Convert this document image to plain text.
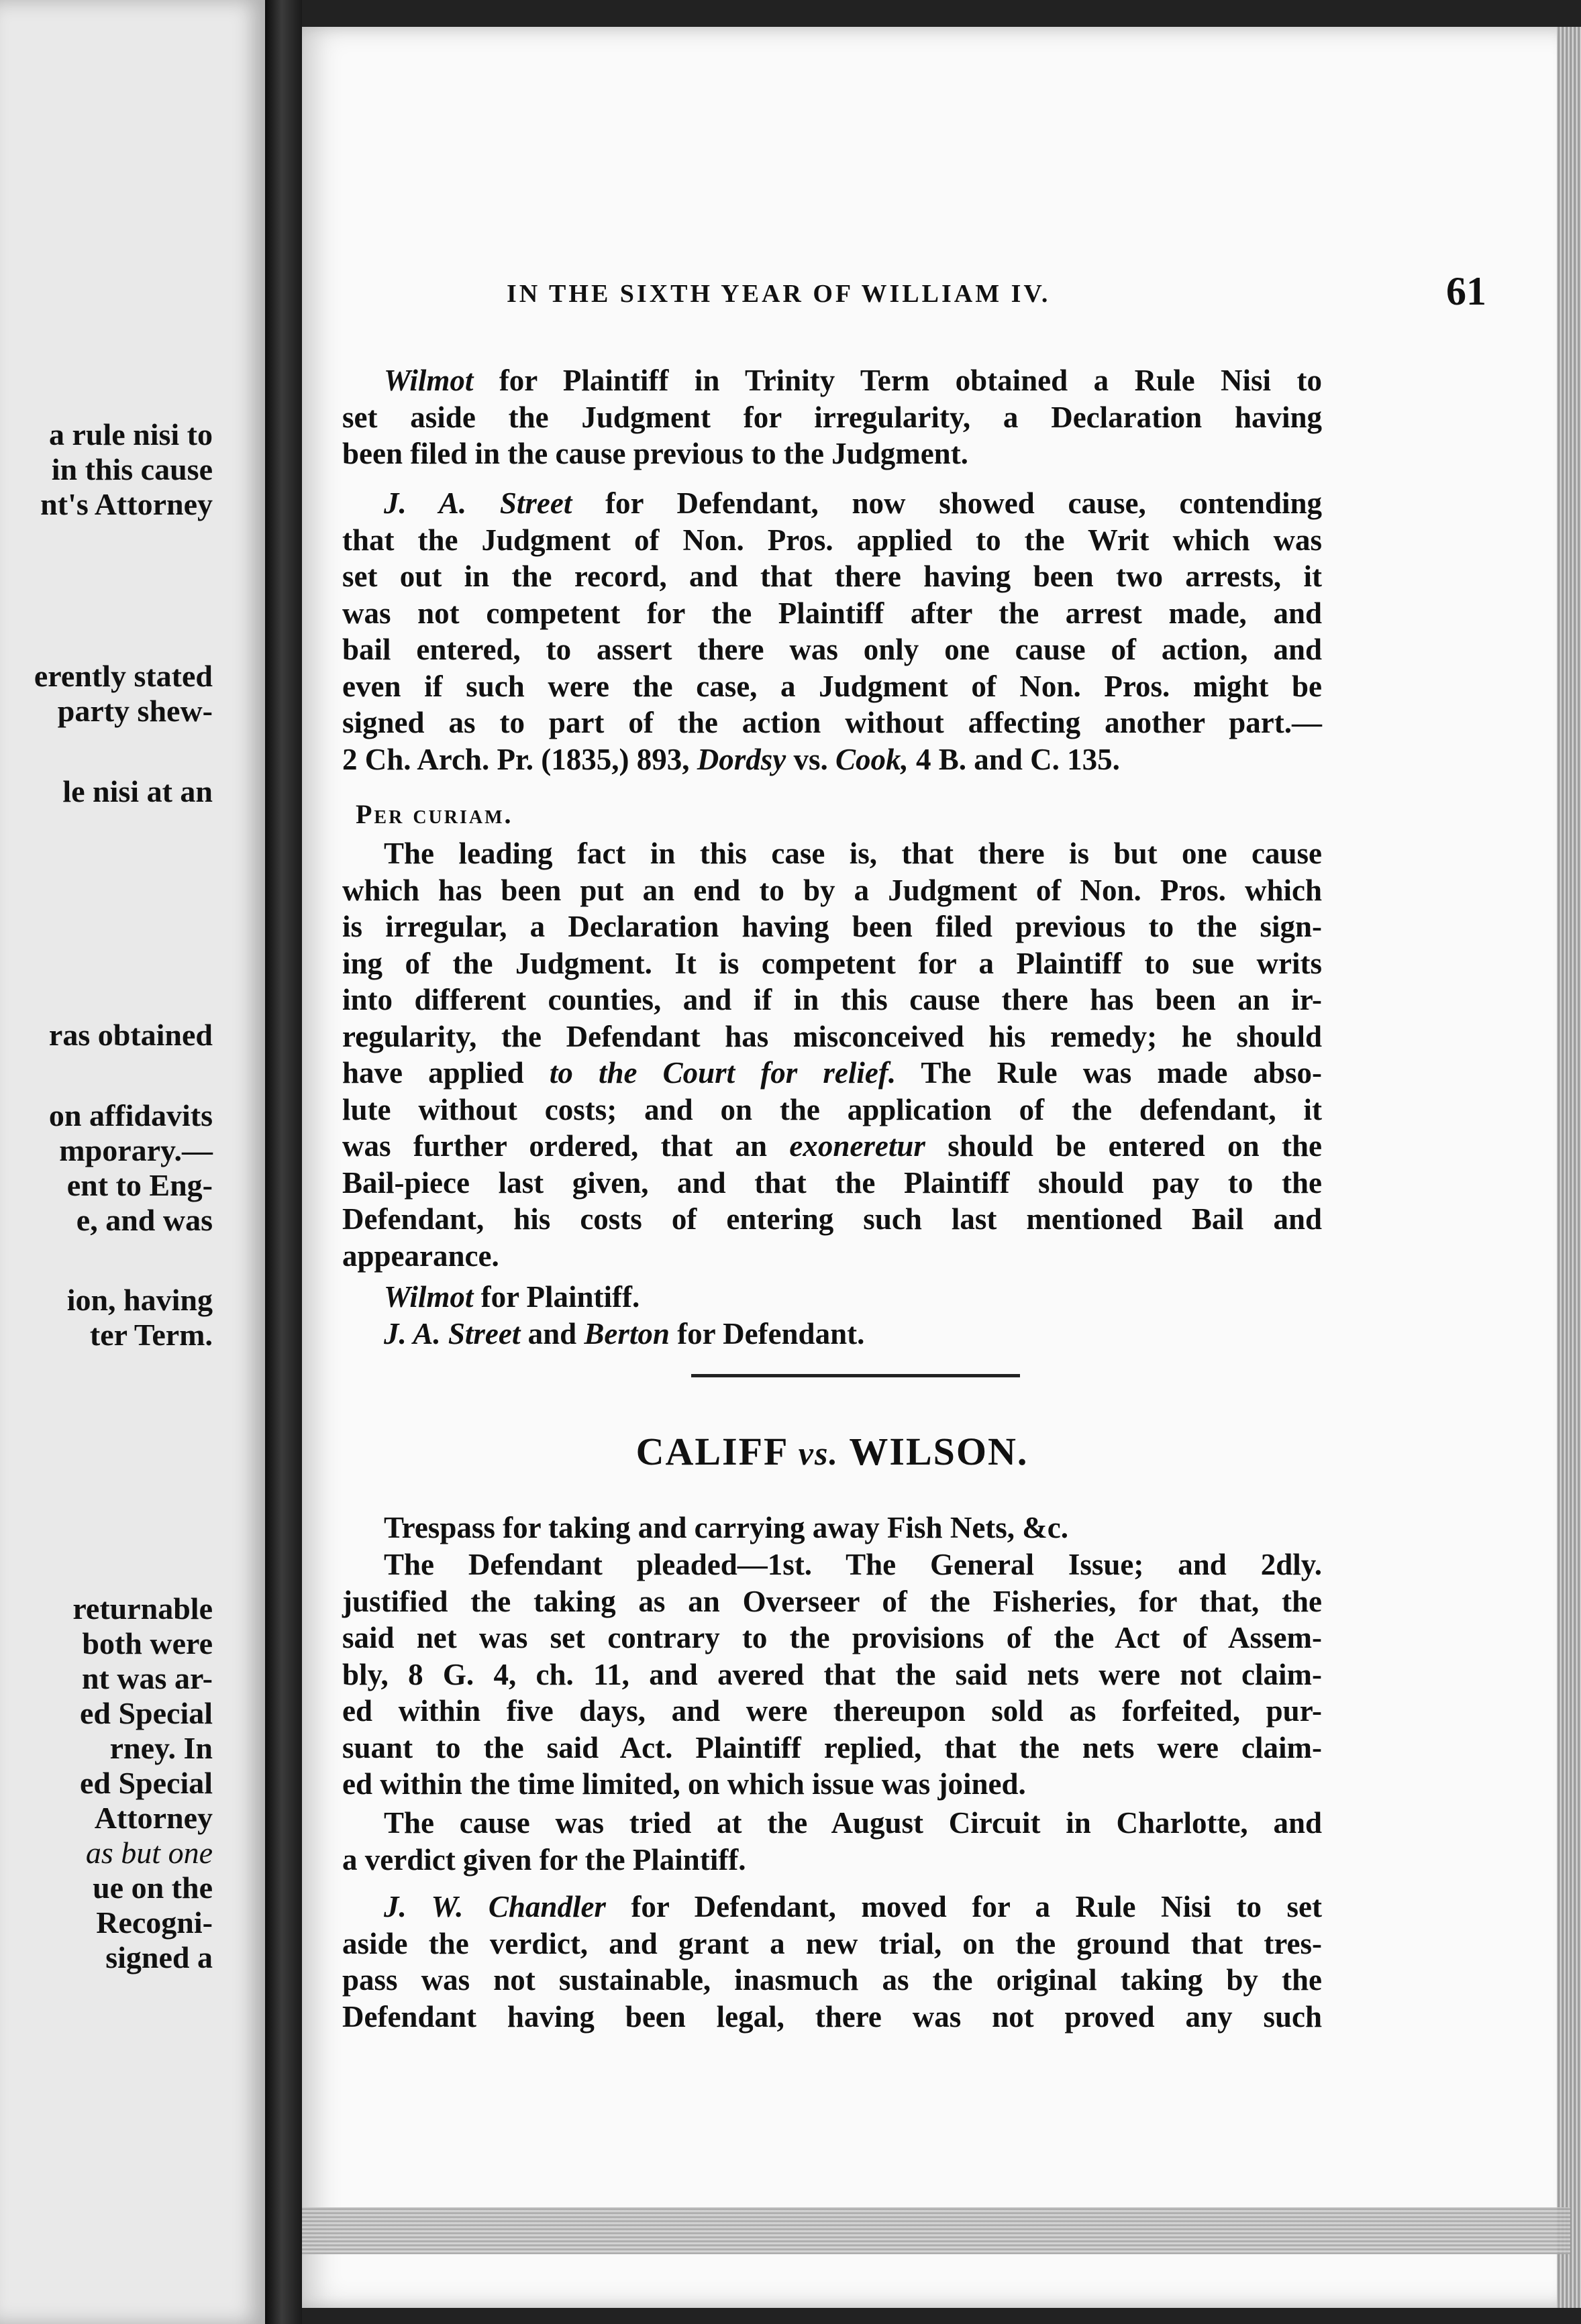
a rule nisi to
in this cause
nt's Attorney
erently stated
party shew-
le nisi at an
ras obtained
on affidavits
mporary.—
ent to Eng-
e, and was
ion, having
ter Term.
returnable
both were
nt was ar-
ed Special
rney. In
ed Special
Attorney
as but one
ue on the
Recogni-
signed a
IN THE SIXTH YEAR OF WILLIAM IV.	61
Wilmot for Plaintiff in Trinity Term obtained a Rule Nisi to
set aside the Judgment for irregularity, a Declaration having
been filed in the cause previous to the Judgment.
J. A. Street for Defendant, now showed cause, contending
that the Judgment of Non. Pros. applied to the Writ which was
set out in the record, and that there having been two arrests, it
was not competent for the Plaintiff after the arrest made, and
bail entered, to assert there was only one cause of action, and
even if such were the case, a Judgment of Non. Pros. might be
signed as to part of the action without affecting another part.—
2 Ch. Arch. Pr. (1835,) 893, Dordsy vs. Cook, 4 B. and C. 135.
Per curiam.
The leading fact in this case is, that there is but one cause
which has been put an end to by a Judgment of Non. Pros. which
is irregular, a Declaration having been filed previous to the sign-
ing of the Judgment. It is competent for a Plaintiff to sue writs
into different counties, and if in this cause there has been an ir-
regularity, the Defendant has misconceived his remedy; he should
have applied to the Court for relief. The Rule was made abso-
lute without costs; and on the application of the defendant, it
was further ordered, that an exoneretur should be entered on the
Bail-piece last given, and that the Plaintiff should pay to the
Defendant, his costs of entering such last mentioned Bail and
appearance.
Wilmot for Plaintiff.
J. A. Street and Berton for Defendant.
CALIFF vs. WILSON.
Trespass for taking and carrying away Fish Nets, &c.
The Defendant pleaded—1st. The General Issue; and 2dly.
justified the taking as an Overseer of the Fisheries, for that, the
said net was set contrary to the provisions of the Act of Assem-
bly, 8 G. 4, ch. 11, and avered that the said nets were not claim-
ed within five days, and were thereupon sold as forfeited, pur-
suant to the said Act. Plaintiff replied, that the nets were claim-
ed within the time limited, on which issue was joined.
The cause was tried at the August Circuit in Charlotte, and
a verdict given for the Plaintiff.
J. W. Chandler for Defendant, moved for a Rule Nisi to set
aside the verdict, and grant a new trial, on the ground that tres-
pass was not sustainable, inasmuch as the original taking by the
Defendant having been legal, there was not proved any such
